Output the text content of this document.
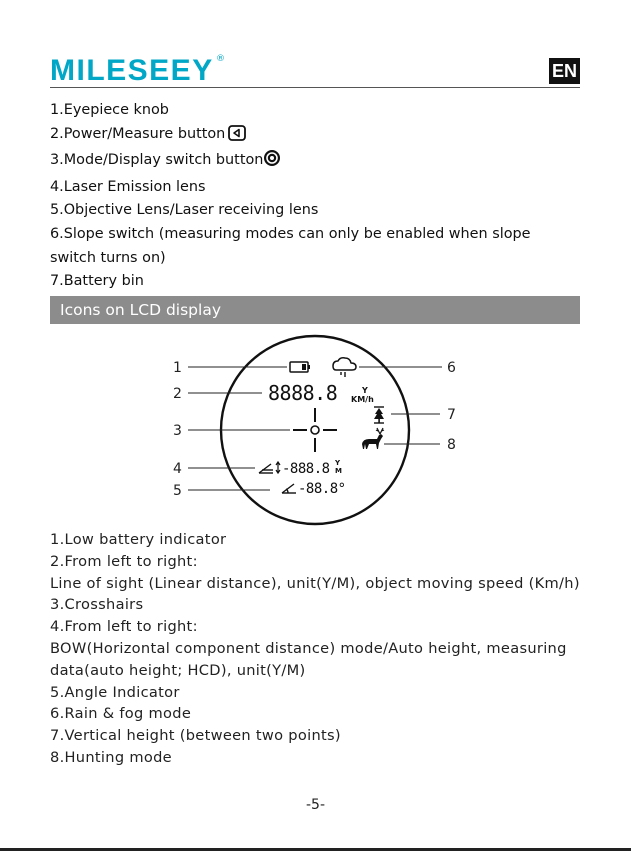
MILESEEY ®
EN
1.Eyepiece knob
2.Power/Measure button
3.Mode/Display switch button
4.Laser Emission lens
5.Objective Lens/Laser receiving lens
6.Slope switch (measuring modes can only be enabled when slope switch turns on)
7.Battery bin
Icons on LCD display
1
2
3
4
5
6
7
8
8888.8	Y
KM/h
-888.8 Y
M
-88.8°
1.Low battery indicator
2.From left to right:
Line of sight (Linear distance), unit(Y/M), object moving speed (Km/h)
3.Crosshairs
4.From left to right:
BOW(Horizontal component distance) mode/Auto height, measuring
data(auto height; HCD), unit(Y/M)
5.Angle Indicator
6.Rain & fog mode
7.Vertical height (between two points)
8.Hunting mode
-5-
